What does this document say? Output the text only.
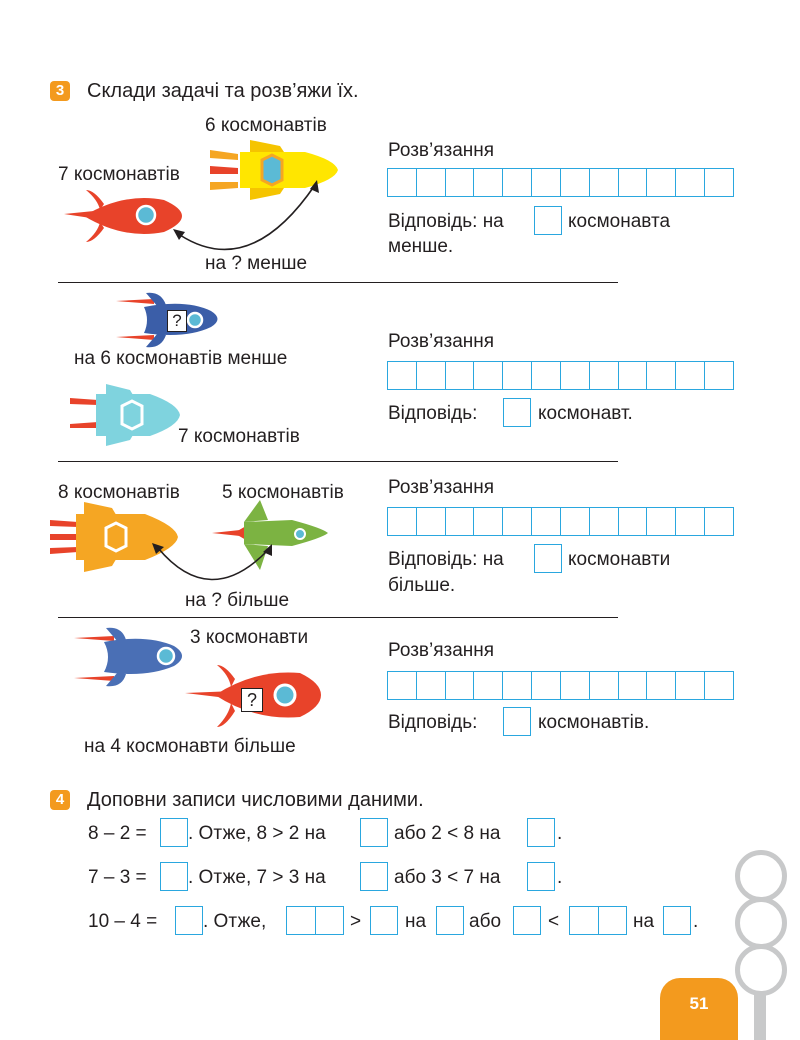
3 Склади задачі та розв’яжи їх.
6 космонавтів
7 космонавтів
на ? менше
Розв’язання
Відповідь: на	космонавта
менше.
?
на 6 космонавтів менше
7 космонавтів
Розв’язання
Відповідь:	космонавт.
8 космонавтів 5 космонавтів
на ? більше
Розв’язання
Відповідь: на	космонавти
більше.
3 космонавти
?
на 4 космонавти більше
Розв’язання
Відповідь:	космонавтів.
4 Доповни записи числовими даними.
8 – 2 = . Отже, 8 > 2 на	або 2 < 8 на	.
7 – 3 = . Отже, 7 > 3 на	або 3 < 7 на	.
10 – 4 = . Отже,	> на або <	на .
51
